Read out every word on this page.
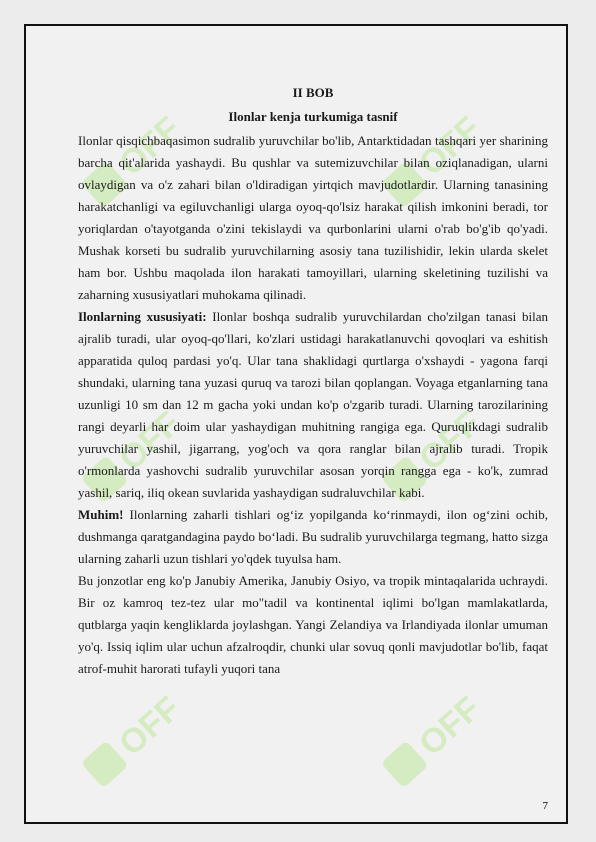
OFF	OFF
OFF	OFF
OFF	OFF
II BOB
Ilonlar kenja turkumiga tasnif

Ilonlar qisqichbaqasimon sudralib yuruvchilar bo'lib, Antarktidadan tashqari yer sharining barcha qit'alarida yashaydi. Bu qushlar va sutemizuvchilar bilan oziqlanadigan, ularni ovlaydigan va o'z zahari bilan o'ldiradigan yirtqich mavjudotlardir. Ularning tanasining harakatchanligi va egiluvchanligi ularga oyoq-qo'lsiz harakat qilish imkonini beradi, tor yoriqlardan o'tayotganda o'zini tekislaydi va qurbonlarini ularni o'rab bo'g'ib qo'yadi. Mushak korseti bu sudralib yuruvchilarning asosiy tana tuzilishidir, lekin ularda skelet ham bor. Ushbu maqolada ilon harakati tamoyillari, ularning skeletining tuzilishi va zaharning xususiyatlari muhokama qilinadi.

Ilonlarning xususiyati: Ilonlar boshqa sudralib yuruvchilardan cho'zilgan tanasi bilan ajralib turadi, ular oyoq-qo'llari, ko'zlari ustidagi harakatlanuvchi qovoqlari va eshitish apparatida quloq pardasi yo'q. Ular tana shaklidagi qurtlarga o'xshaydi - yagona farqi shundaki, ularning tana yuzasi quruq va tarozi bilan qoplangan. Voyaga etganlarning tana uzunligi 10 sm dan 12 m gacha yoki undan ko'p o'zgarib turadi. Ularning tarozilarining rangi deyarli har doim ular yashaydigan muhitning rangiga ega. Quruqlikdagi sudralib yuruvchilar yashil, jigarrang, yog'och va qora ranglar bilan ajralib turadi. Tropik o'rmonlarda yashovchi sudralib yuruvchilar asosan yorqin rangga ega - ko'k, zumrad yashil, sariq, iliq okean suvlarida yashaydigan sudraluvchilar kabi.

Muhim! Ilonlarning zaharli tishlari og‘iz yopilganda ko‘rinmaydi, ilon og‘zini ochib, dushmanga qaratgandagina paydo bo‘ladi. Bu sudralib yuruvchilarga tegmang, hatto sizga ularning zaharli uzun tishlari yo'qdek tuyulsa ham.

Bu jonzotlar eng ko'p Janubiy Amerika, Janubiy Osiyo, va tropik mintaqalarida uchraydi. Bir oz kamroq tez-tez ular mo"tadil va kontinental iqlimi bo'lgan mamlakatlarda, qutblarga yaqin kengliklarda joylashgan. Yangi Zelandiya va Irlandiyada ilonlar umuman yo'q. Issiq iqlim ular uchun afzalroqdir, chunki ular sovuq qonli mavjudotlar bo'lib, faqat atrof-muhit harorati tufayli yuqori tana

7
